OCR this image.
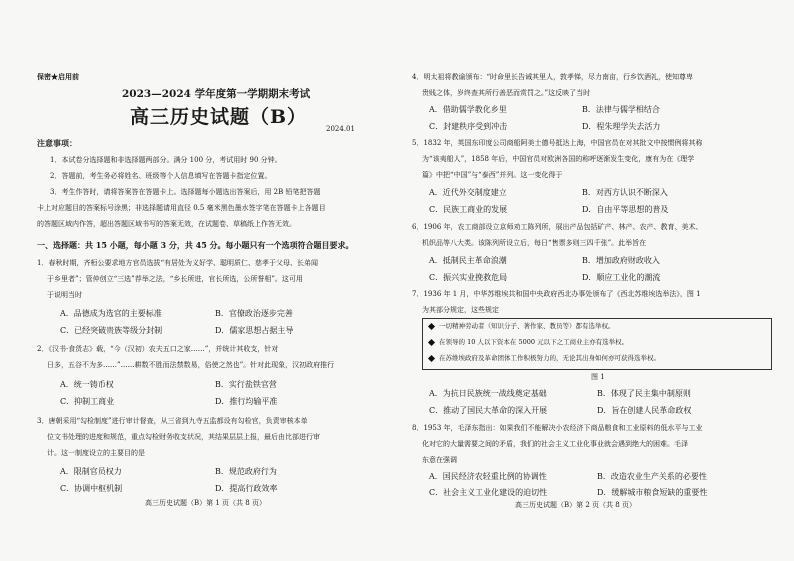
保密★启用前
2023—2024 学年度第一学期期末考试
高三历史试题（B）
2024.01
注意事项：
1．本试卷分选择题和非选择题两部分。满分 100 分，考试用时 90 分钟。
2．答题前，考生务必将姓名、班级等个人信息填写在答题卡指定位置。
3．考生作答时，请将答案答在答题卡上。选择题每小题选出答案后，用 2B 铅笔把答题
卡上对应题目的答案标号涂黑；非选择题请用直径 0.5 毫米黑色墨水签字笔在答题卡上各题目
的答题区域内作答，超出答题区域书写的答案无效，在试题卷、草稿纸上作答无效。
一、选择题：共 15 小题，每小题 3 分，共 45 分。每小题只有一个选项符合题目要求。
1．春秋时期，齐桓公要求地方官员选拔“有居处为义好学、聪明质仁、慈孝于父母、长弟闻
于乡里者”；管仲创立“三选”荐举之法，“乡长所进，官长所选，公所誉相”。这可用
于说明当时
A．品德成为选官的主要标准	B．官僚政治逐步完善
C．已经突破贵族等级分封制	D．儒家思想占据主导
2．《汉书·食货志》载，“今（汉初）农夫五口之家……”，并统计其收支，针对
日多，五谷不为多……”……耕数不胜而法禁数易，俗使之然也”。针对此现象，汉初政府推行
A．统一铸币权	B．实行盐铁官营
C．抑制工商业	D．推行均输平准
3．唐朝采用“勾检制度”进行审计督查，从三省到九寺五监都设有勾检官，负责审核本单
位文书处理的进度和规范，重点勾检财务收支状况，其结果层层上报，最后由比部进行审
计。这一制度设立的主要目的是
A．限制官员权力	B．规范政府行为
C．协调中枢机制	D．提高行政效率
高三历史试题（B）第 1 页（共 8 页）
4．明太祖将教谕颁布：“时命里长告诫其里人，敦孝悌，尽力南亩，行乡饮酒礼，使知尊卑
贵贱之体，岁终查其所行善恶而赏罚之。”这反映了当时
A．借助儒学教化乡里	B．法律与儒学相结合
C．封建秩序受到冲击	D．程朱理学失去活力
5．1832 年，英国东印度公司商船阿美士德号抵达上海，中国官员在对其批文中按惯例将其称
为“该夷船人”，1858 年后，中国官员对欧洲各国的称呼逐渐发生变化，康有为在《理学
篇》中把“中国”与“泰西”并列。这一变化得于
A．近代外交制度建立	B．对西方认识不断深入
C．民族工商业的发展	D．自由平等思想的普及
6．1906 年，农工商部设立京师劝工陈列所，展出产品包括矿产、林产、农产、教育、美术、
机织品等八大类。该陈列所设立后，每日“售票多则三四千张”。此举旨在
A．抵制民主革命浪潮	B．增加政府财政收入
C．振兴实业挽救危局	D．顺应工业化的潮流
7．1936 年 1 月，中华苏维埃共和国中央政府西北办事处颁布了《西北苏维埃选举法》，图 1
为其部分规定，这些规定
一切精神劳动者（知识分子、著作家、教员等）都有选举权。
在领导的 10 人以下资本在 5000 元以下之工商业主亦有选举权。
在苏维埃政府及革命团体工作积极努力的，无论其出身如何亦可获得选举权。
图 1
A．为抗日民族统一战线奠定基础	B．体现了民主集中制原则
C．推动了国民大革命的深入开展	D．旨在创建人民革命政权
8．1953 年，毛泽东指出：如果我们不能解决小农经济下商品粮食和工业原料的低水平与工业
化对它的大量需要之间的矛盾，我们的社会主义工业化事业就会遇到绝大的困难。毛泽
东意在强调
A．国民经济农轻重比例的协调性	B．改造农业生产关系的必要性
C．社会主义工业化建设的迫切性	D．缓解城市粮食短缺的重要性
高三历史试题（B）第 2 页（共 8 页）
